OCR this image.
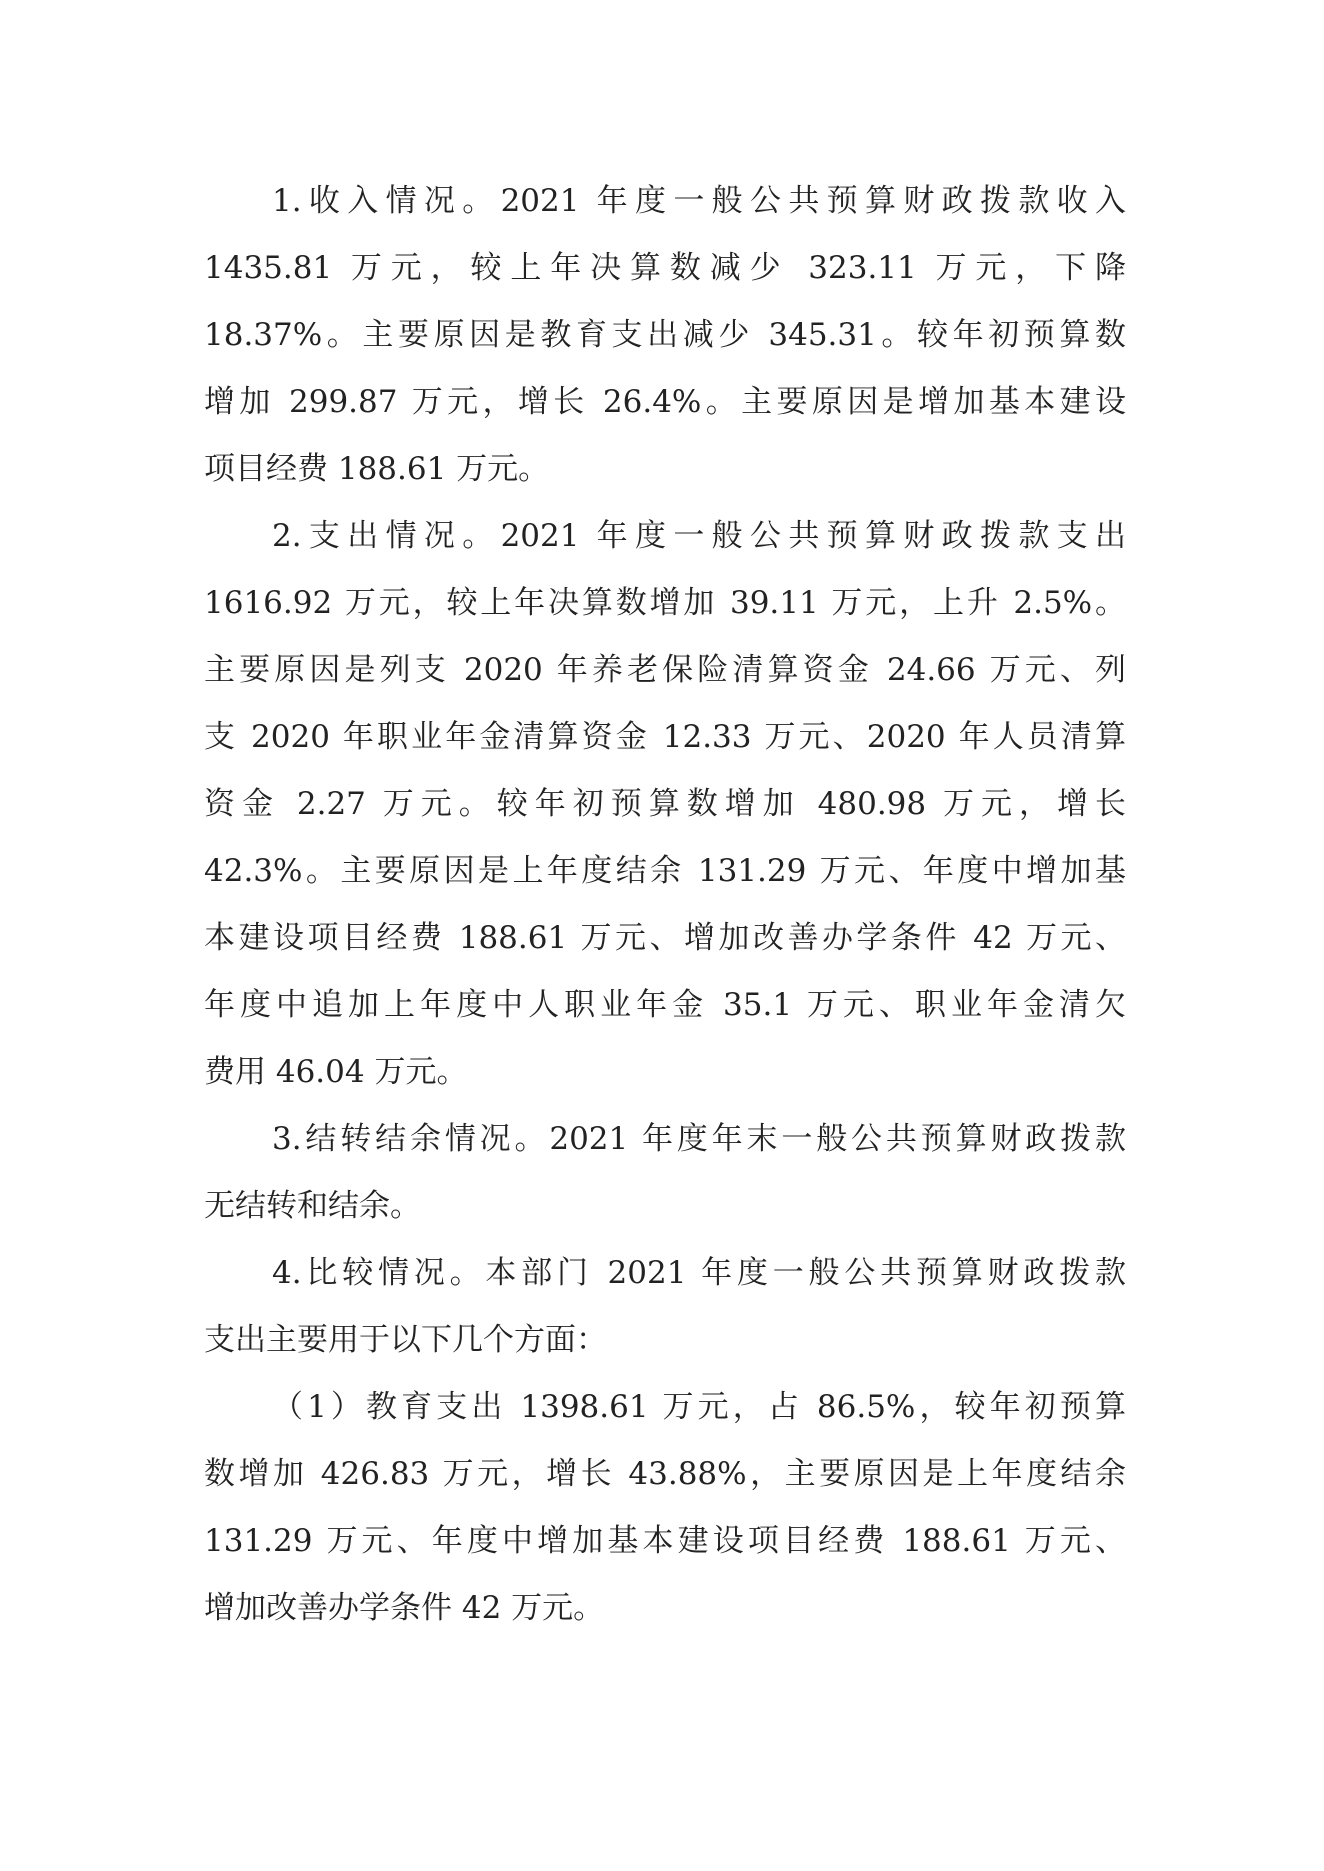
1.收入情况。2021 年度一般公共预算财政拨款收入
1435.81 万元，较上年决算数减少 323.11 万元，下降
18.37%。主要原因是教育支出减少 345.31。较年初预算数
增加 299.87 万元，增长 26.4%。主要原因是增加基本建设
项目经费 188.61 万元。
2.支出情况。2021 年度一般公共预算财政拨款支出
1616.92 万元，较上年决算数增加 39.11 万元，上升 2.5%。
主要原因是列支 2020 年养老保险清算资金 24.66 万元、列
支 2020 年职业年金清算资金 12.33 万元、2020 年人员清算
资金 2.27 万元。较年初预算数增加 480.98 万元，增长
42.3%。主要原因是上年度结余 131.29 万元、年度中增加基
本建设项目经费 188.61 万元、增加改善办学条件 42 万元、
年度中追加上年度中人职业年金 35.1 万元、职业年金清欠
费用 46.04 万元。
3.结转结余情况。2021 年度年末一般公共预算财政拨款
无结转和结余。
4.比较情况。本部门 2021 年度一般公共预算财政拨款
支出主要用于以下几个方面：
（1）教育支出 1398.61 万元，占 86.5%，较年初预算
数增加 426.83 万元，增长 43.88%，主要原因是上年度结余
131.29 万元、年度中增加基本建设项目经费 188.61 万元、
增加改善办学条件 42 万元。
